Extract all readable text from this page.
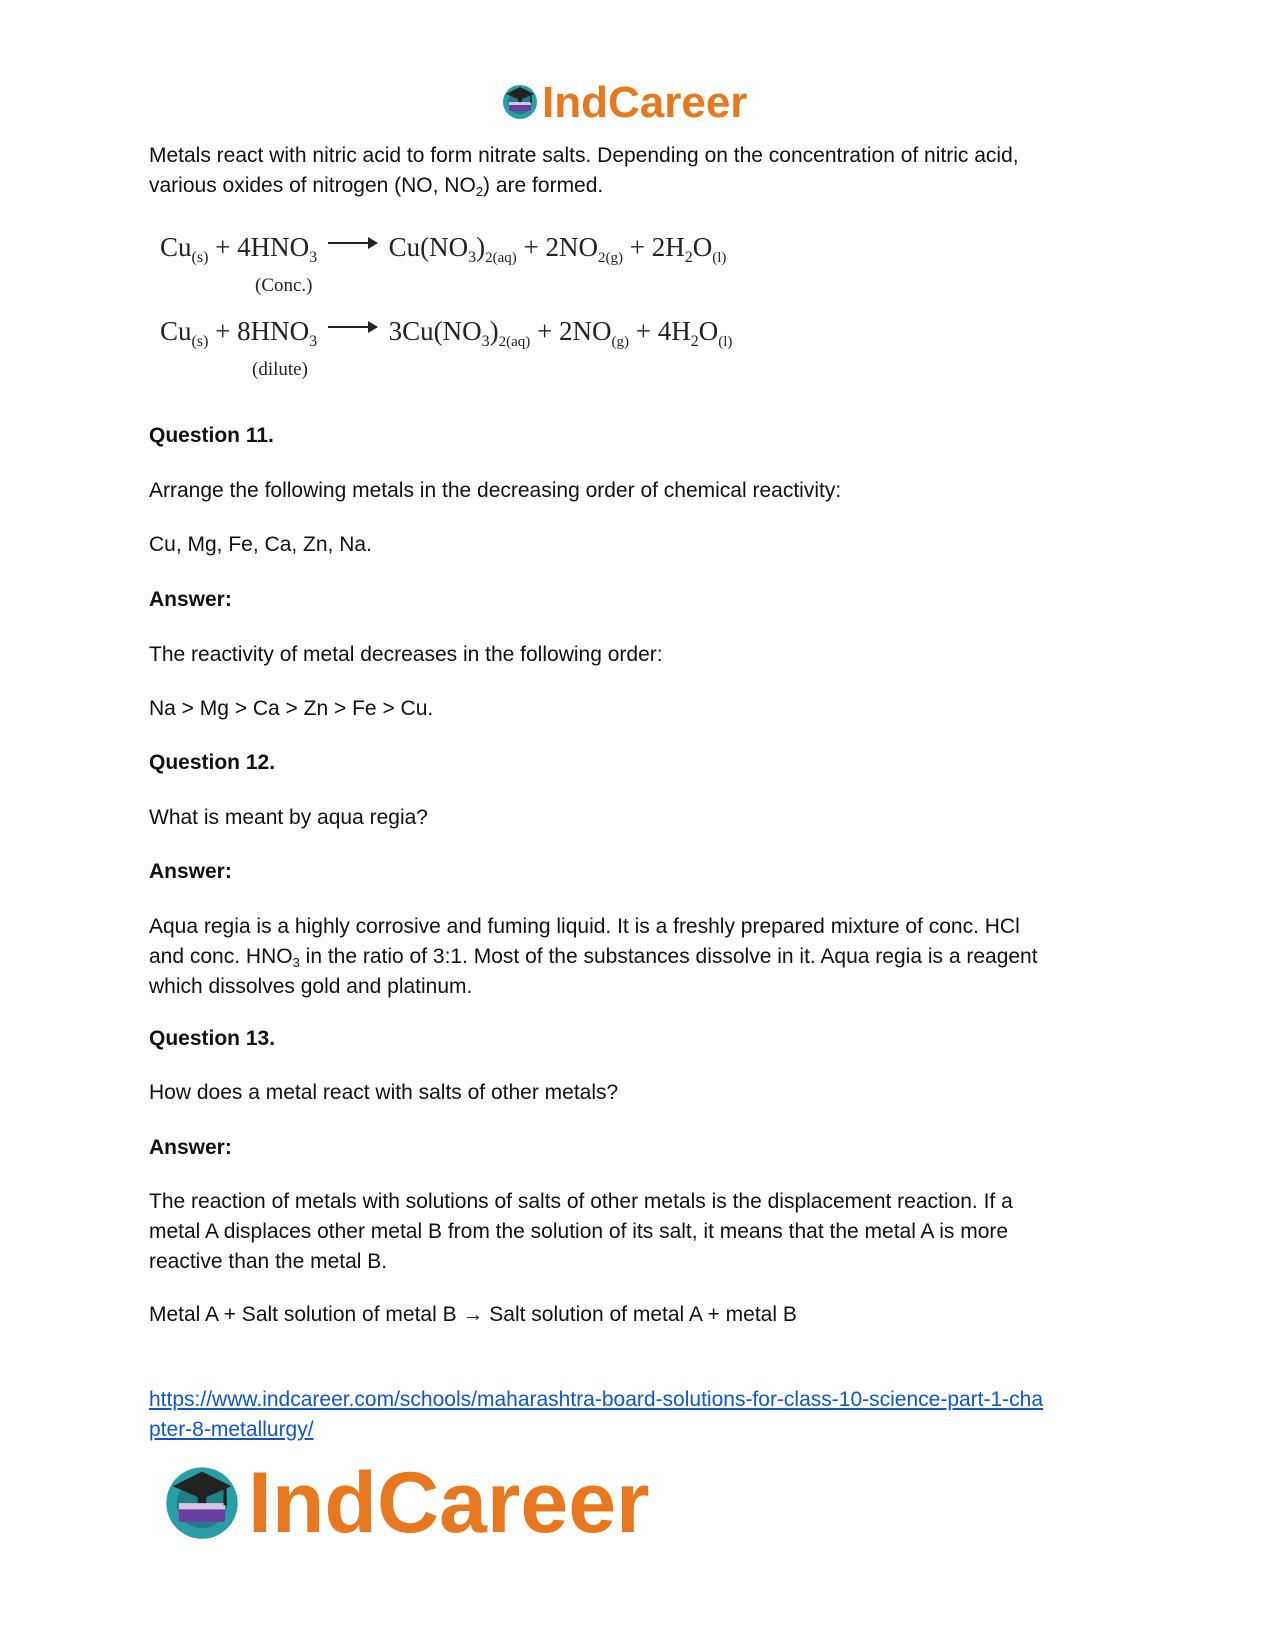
IndCareer

Metals react with nitric acid to form nitrate salts. Depending on the concentration of nitric acid,
various oxides of nitrogen (NO, $NO_2$) are formed.

$Cu_{(s)} + 4HNO_3 \to Cu(NO_3)_{2(aq)} + 2NO_{2(g)} + 2H_2O_{(l)}$
(Conc.)
$Cu_{(s)} + 8HNO_3 \to 3Cu(NO_3)_{2(aq)} + 2NO_{(g)} + 4H_2O_{(l)}$
(dilute)

Question 11.

Arrange the following metals in the decreasing order of chemical reactivity:

Cu, Mg, Fe, Ca, Zn, Na.

Answer:

The reactivity of metal decreases in the following order:

Na > Mg > Ca > Zn > Fe > Cu.

Question 12.

What is meant by aqua regia?

Answer:

Aqua regia is a highly corrosive and fuming liquid. It is a freshly prepared mixture of conc. HCl
and conc. $HNO_3$ in the ratio of 3:1. Most of the substances dissolve in it. Aqua regia is a reagent
which dissolves gold and platinum.

Question 13.

How does a metal react with salts of other metals?

Answer:

The reaction of metals with solutions of salts of other metals is the displacement reaction. If a
metal A displaces other metal B from the solution of its salt, it means that the metal A is more
reactive than the metal B.

Metal A + Salt solution of metal B → Salt solution of metal A + metal B

https://www.indcareer.com/schools/maharashtra-board-solutions-for-class-10-science-part-1-cha
pter-8-metallurgy/
IndCareer
